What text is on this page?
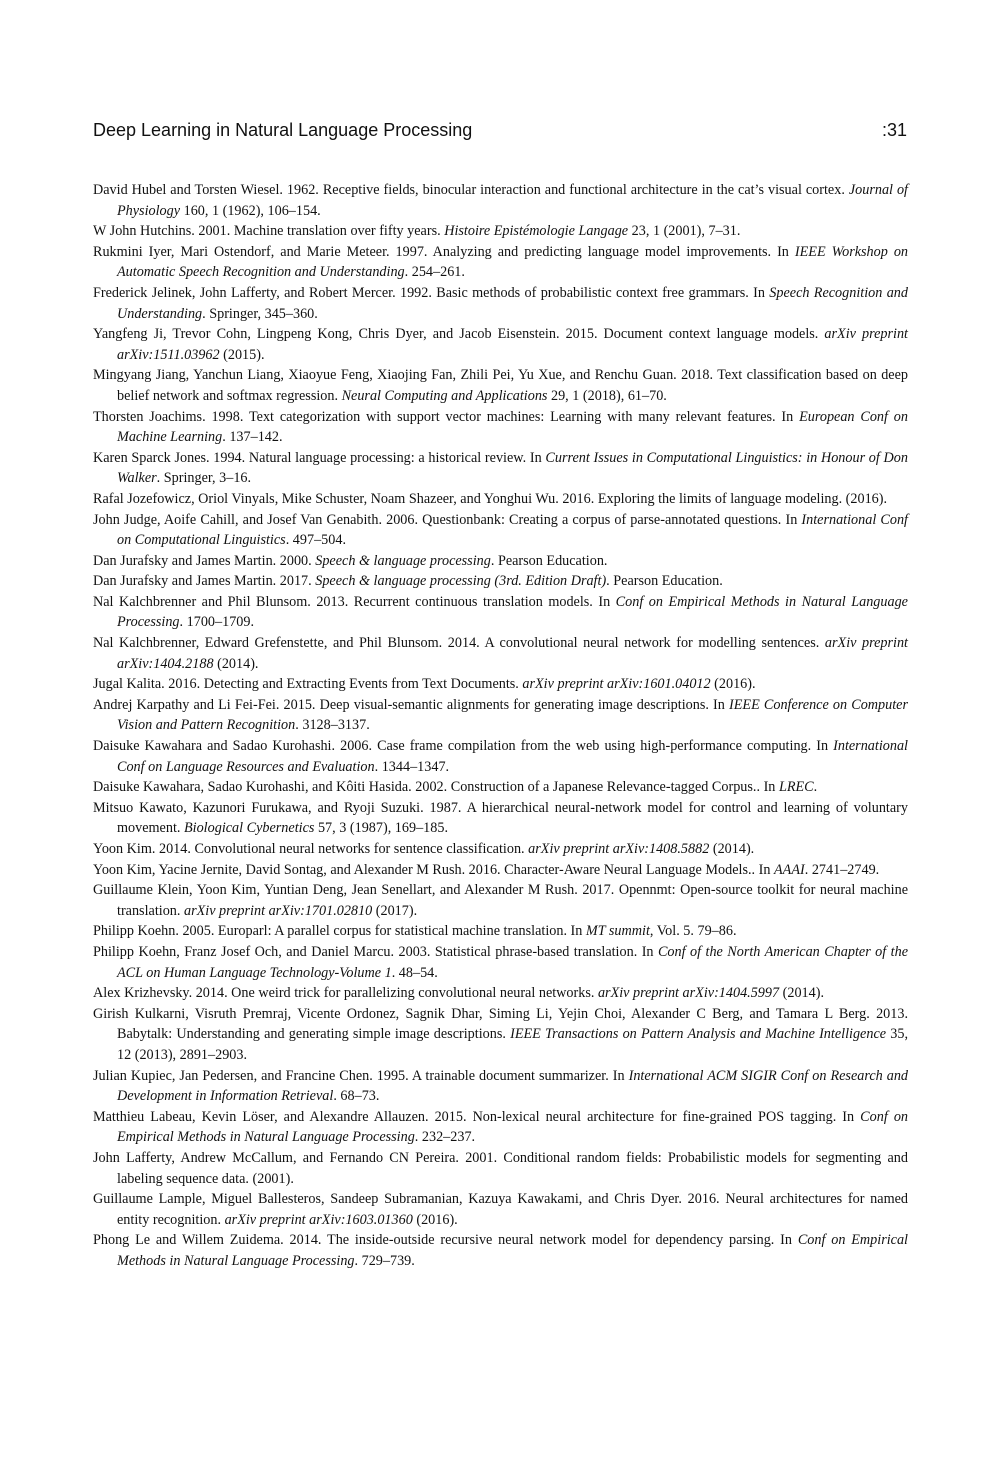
Deep Learning in Natural Language Processing	:31
David Hubel and Torsten Wiesel. 1962. Receptive fields, binocular interaction and functional architecture in the cat’s visual cortex. Journal of Physiology 160, 1 (1962), 106–154.
W John Hutchins. 2001. Machine translation over fifty years. Histoire Epistémologie Langage 23, 1 (2001), 7–31.
Rukmini Iyer, Mari Ostendorf, and Marie Meteer. 1997. Analyzing and predicting language model improvements. In IEEE Workshop on Automatic Speech Recognition and Understanding. 254–261.
Frederick Jelinek, John Lafferty, and Robert Mercer. 1992. Basic methods of probabilistic context free grammars. In Speech Recognition and Understanding. Springer, 345–360.
Yangfeng Ji, Trevor Cohn, Lingpeng Kong, Chris Dyer, and Jacob Eisenstein. 2015. Document context language models. arXiv preprint arXiv:1511.03962 (2015).
Mingyang Jiang, Yanchun Liang, Xiaoyue Feng, Xiaojing Fan, Zhili Pei, Yu Xue, and Renchu Guan. 2018. Text classification based on deep belief network and softmax regression. Neural Computing and Applications 29, 1 (2018), 61–70.
Thorsten Joachims. 1998. Text categorization with support vector machines: Learning with many relevant features. In European Conf on Machine Learning. 137–142.
Karen Sparck Jones. 1994. Natural language processing: a historical review. In Current Issues in Computational Linguistics: in Honour of Don Walker. Springer, 3–16.
Rafal Jozefowicz, Oriol Vinyals, Mike Schuster, Noam Shazeer, and Yonghui Wu. 2016. Exploring the limits of language modeling. (2016).
John Judge, Aoife Cahill, and Josef Van Genabith. 2006. Questionbank: Creating a corpus of parse-annotated questions. In International Conf on Computational Linguistics. 497–504.
Dan Jurafsky and James Martin. 2000. Speech & language processing. Pearson Education.
Dan Jurafsky and James Martin. 2017. Speech & language processing (3rd. Edition Draft). Pearson Education.
Nal Kalchbrenner and Phil Blunsom. 2013. Recurrent continuous translation models. In Conf on Empirical Methods in Natural Language Processing. 1700–1709.
Nal Kalchbrenner, Edward Grefenstette, and Phil Blunsom. 2014. A convolutional neural network for modelling sentences. arXiv preprint arXiv:1404.2188 (2014).
Jugal Kalita. 2016. Detecting and Extracting Events from Text Documents. arXiv preprint arXiv:1601.04012 (2016).
Andrej Karpathy and Li Fei-Fei. 2015. Deep visual-semantic alignments for generating image descriptions. In IEEE Conference on Computer Vision and Pattern Recognition. 3128–3137.
Daisuke Kawahara and Sadao Kurohashi. 2006. Case frame compilation from the web using high-performance computing. In International Conf on Language Resources and Evaluation. 1344–1347.
Daisuke Kawahara, Sadao Kurohashi, and Kôiti Hasida. 2002. Construction of a Japanese Relevance-tagged Corpus.. In LREC.
Mitsuo Kawato, Kazunori Furukawa, and Ryoji Suzuki. 1987. A hierarchical neural-network model for control and learning of voluntary movement. Biological Cybernetics 57, 3 (1987), 169–185.
Yoon Kim. 2014. Convolutional neural networks for sentence classification. arXiv preprint arXiv:1408.5882 (2014).
Yoon Kim, Yacine Jernite, David Sontag, and Alexander M Rush. 2016. Character-Aware Neural Language Models.. In AAAI. 2741–2749.
Guillaume Klein, Yoon Kim, Yuntian Deng, Jean Senellart, and Alexander M Rush. 2017. Opennmt: Open-source toolkit for neural machine translation. arXiv preprint arXiv:1701.02810 (2017).
Philipp Koehn. 2005. Europarl: A parallel corpus for statistical machine translation. In MT summit, Vol. 5. 79–86.
Philipp Koehn, Franz Josef Och, and Daniel Marcu. 2003. Statistical phrase-based translation. In Conf of the North American Chapter of the ACL on Human Language Technology-Volume 1. 48–54.
Alex Krizhevsky. 2014. One weird trick for parallelizing convolutional neural networks. arXiv preprint arXiv:1404.5997 (2014).
Girish Kulkarni, Visruth Premraj, Vicente Ordonez, Sagnik Dhar, Siming Li, Yejin Choi, Alexander C Berg, and Tamara L Berg. 2013. Babytalk: Understanding and generating simple image descriptions. IEEE Transactions on Pattern Analysis and Machine Intelligence 35, 12 (2013), 2891–2903.
Julian Kupiec, Jan Pedersen, and Francine Chen. 1995. A trainable document summarizer. In International ACM SIGIR Conf on Research and Development in Information Retrieval. 68–73.
Matthieu Labeau, Kevin Löser, and Alexandre Allauzen. 2015. Non-lexical neural architecture for fine-grained POS tagging. In Conf on Empirical Methods in Natural Language Processing. 232–237.
John Lafferty, Andrew McCallum, and Fernando CN Pereira. 2001. Conditional random fields: Probabilistic models for segmenting and labeling sequence data. (2001).
Guillaume Lample, Miguel Ballesteros, Sandeep Subramanian, Kazuya Kawakami, and Chris Dyer. 2016. Neural architectures for named entity recognition. arXiv preprint arXiv:1603.01360 (2016).
Phong Le and Willem Zuidema. 2014. The inside-outside recursive neural network model for dependency parsing. In Conf on Empirical Methods in Natural Language Processing. 729–739.
